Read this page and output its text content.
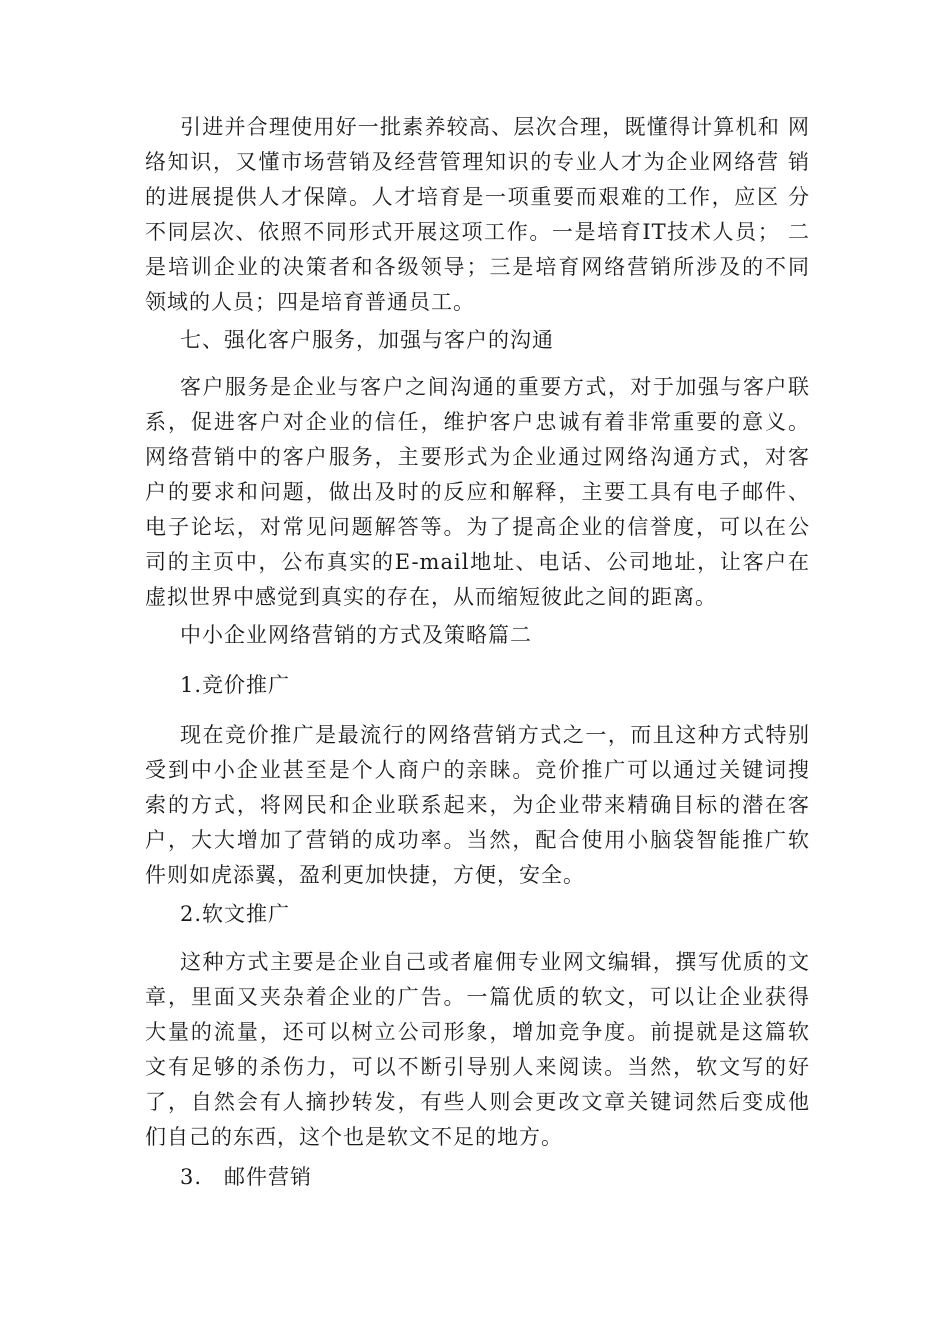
引进并合理使用好一批素养较高、层次合理，既懂得计算机和 网络知识，又懂市场营销及经营管理知识的专业人才为企业网络营 销的进展提供人才保障。人才培育是一项重要而艰难的工作，应区 分不同层次、依照不同形式开展这项工作。一是培育IT技术人员； 二是培训企业的决策者和各级领导；三是培育网络营销所涉及的不同 领域的人员；四是培育普通员工。

七、强化客户服务，加强与客户的沟通

客户服务是企业与客户之间沟通的重要方式，对于加强与客户联 系，促进客户对企业的信任，维护客户忠诚有着非常重要的意义。 网络营销中的客户服务，主要形式为企业通过网络沟通方式，对客 户的要求和问题，做出及时的反应和解释，主要工具有电子邮件、 电子论坛，对常见问题解答等。为了提高企业的信誉度，可以在公 司的主页中，公布真实的E-mail地址、电话、公司地址，让客户在 虚拟世界中感觉到真实的存在，从而缩短彼此之间的距离。

中小企业网络营销的方式及策略篇二

1.竞价推广

现在竞价推广是最流行的网络营销方式之一，而且这种方式特别 受到中小企业甚至是个人商户的亲睐。竞价推广可以通过关键词搜 索的方式，将网民和企业联系起来，为企业带来精确目标的潜在客 户，大大增加了营销的成功率。当然，配合使用小脑袋智能推广软 件则如虎添翼，盈利更加快捷，方便，安全。

2.软文推广

这种方式主要是企业自己或者雇佣专业网文编辑，撰写优质的文 章，里面又夹杂着企业的广告。一篇优质的软文，可以让企业获得 大量的流量，还可以树立公司形象，增加竞争度。前提就是这篇软 文有足够的杀伤力，可以不断引导别人来阅读。当然，软文写的好 了，自然会有人摘抄转发，有些人则会更改文章关键词然后变成他 们自己的东西，这个也是软文不足的地方。

3. 邮件营销
